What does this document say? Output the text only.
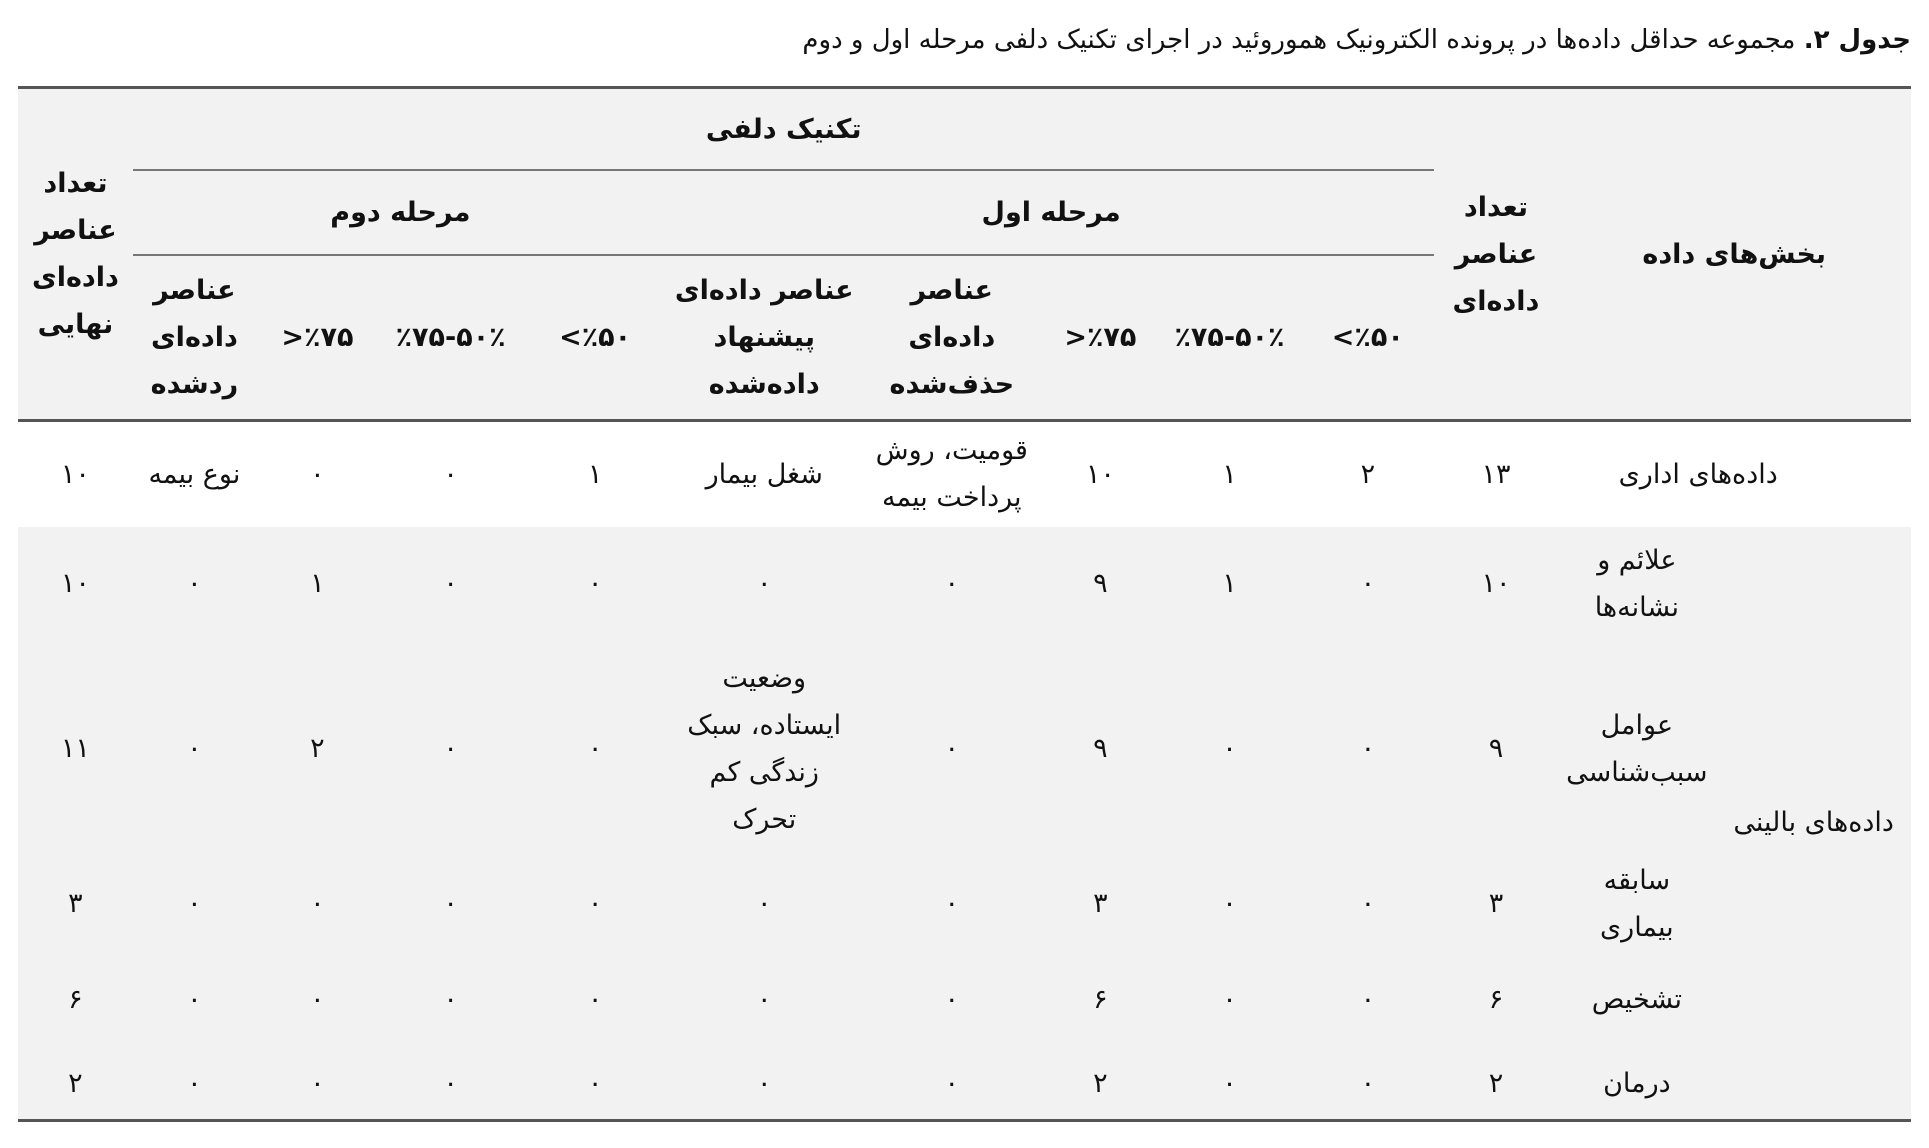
جدول ۲. مجموعه حداقل داده‌ها در پرونده الکترونیک هموروئید در اجرای تکنیک دلفی مرحله اول و دوم
بخش‌های داده		تعداد عناصر داده‌ای	تکنیک دلفی									تعداد عناصر داده‌ای نهایی
			مرحله اول					مرحله دوم				
			٪۵۰>	٪۷۵-۵۰٪	٪۷۵<	عناصر داده‌ای حذف‌شده	عناصر داده‌ای پیشنهاد داده‌شده	٪۵۰>	٪۷۵-۵۰٪	٪۷۵<	عناصر داده‌ای ردشده	
داده‌های اداری		۱۳	۲	۱	۱۰	قومیت، روش پرداخت بیمه	شغل بیمار	۱	۰	۰	نوع بیمه	۱۰
داده‌های بالینی	علائم و نشانه‌ها	۱۰	۰	۱	۹	۰	۰	۰	۰	۱	۰	۱۰
	عوامل سبب‌شناسی	۹	۰	۰	۹	۰	وضعیت ایستاده، سبک زندگی کم تحرک	۰	۰	۲	۰	۱۱
	سابقه بیماری	۳	۰	۰	۳	۰	۰	۰	۰	۰	۰	۳
	تشخیص	۶	۰	۰	۶	۰	۰	۰	۰	۰	۰	۶
	درمان	۲	۰	۰	۲	۰	۰	۰	۰	۰	۰	۲
